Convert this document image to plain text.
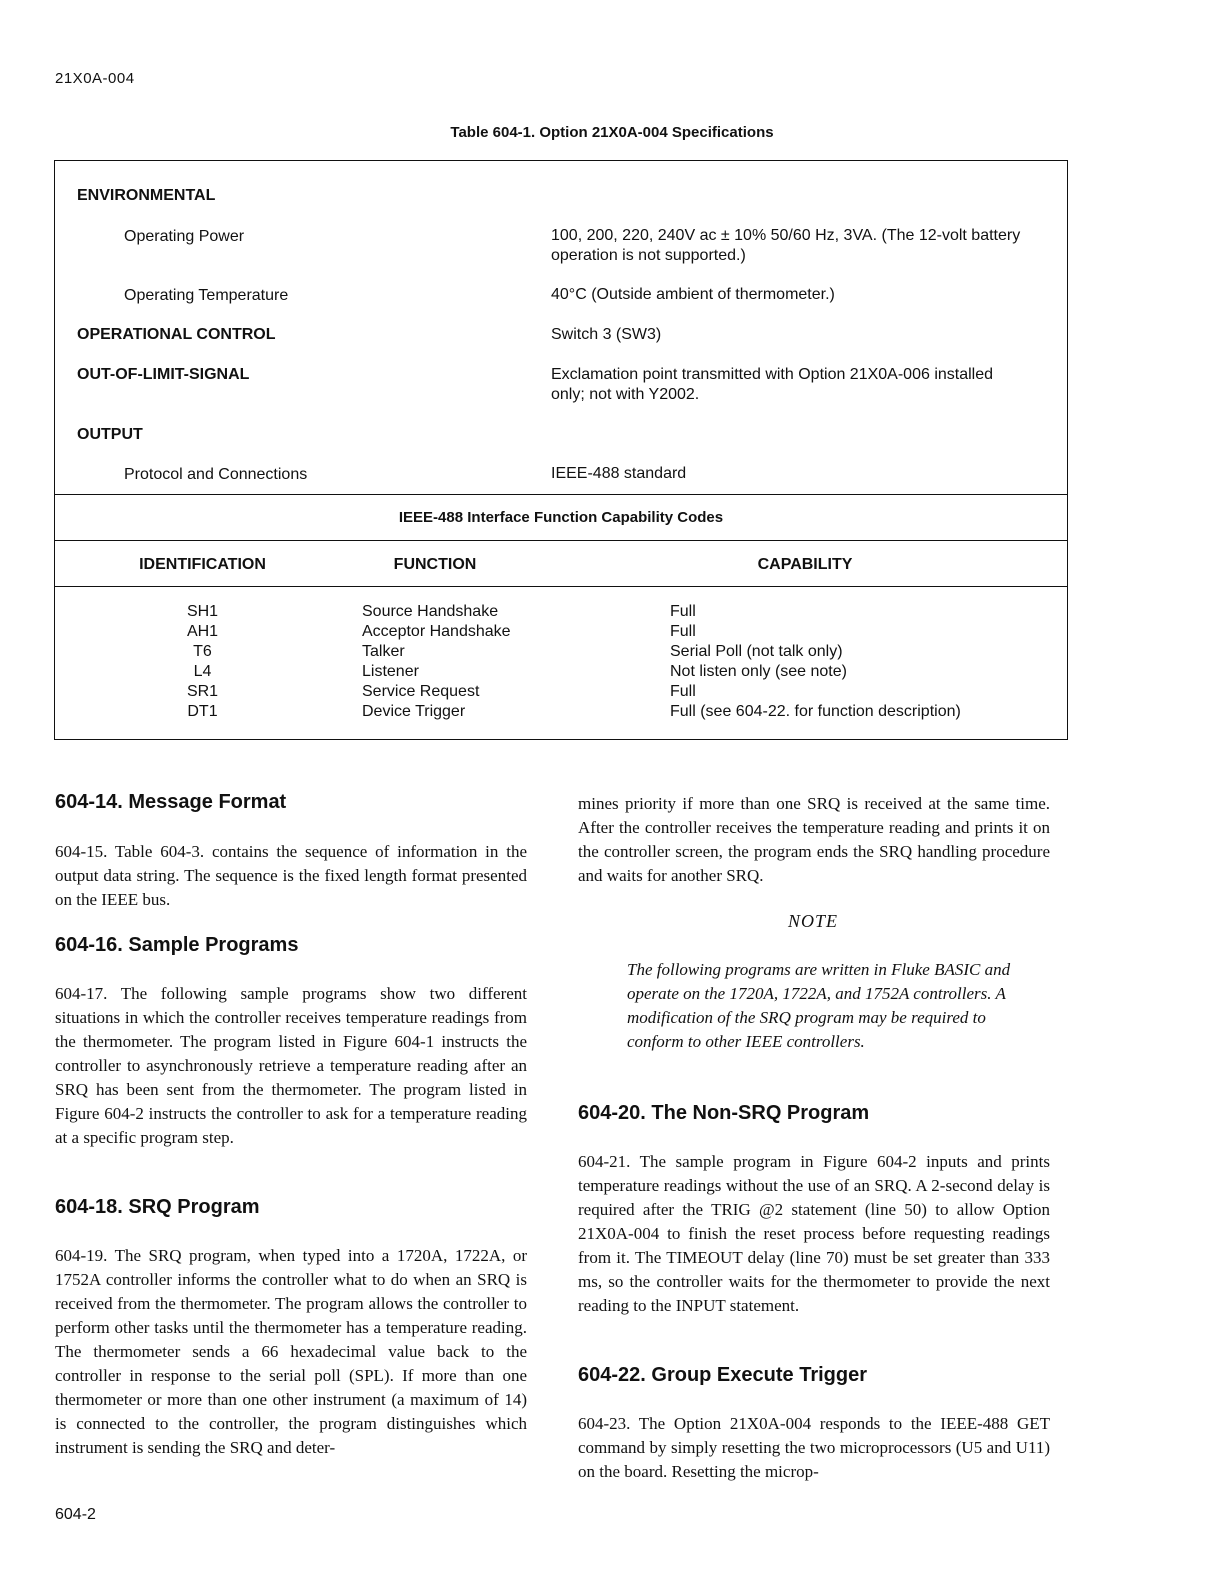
21X0A-004
Table 604-1. Option 21X0A-004 Specifications
ENVIRONMENTAL
Operating Power	100, 200, 220, 240V ac ± 10% 50/60 Hz, 3VA. (The 12-volt battery operation is not supported.)
Operating Temperature	40°C (Outside ambient of thermometer.)
OPERATIONAL CONTROL	Switch 3 (SW3)
OUT-OF-LIMIT-SIGNAL	Exclamation point transmitted with Option 21X0A-006 installed only; not with Y2002.
OUTPUT
Protocol and Connections	IEEE-488 standard
IEEE-488 Interface Function Capability Codes
IDENTIFICATION	FUNCTION	CAPABILITY
SH1	Source Handshake	Full
AH1	Acceptor Handshake	Full
T6	Talker	Serial Poll (not talk only)
L4	Listener	Not listen only (see note)
SR1	Service Request	Full
DT1	Device Trigger	Full (see 604-22. for function description)
604-14. Message Format
604-15. Table 604-3. contains the sequence of information in the output data string. The sequence is the fixed length format presented on the IEEE bus.
604-16. Sample Programs
604-17. The following sample programs show two different situations in which the controller receives temperature readings from the thermometer. The program listed in Figure 604-1 instructs the controller to asynchronously retrieve a temperature reading after an SRQ has been sent from the thermometer. The program listed in Figure 604-2 instructs the controller to ask for a temperature reading at a specific program step.
604-18. SRQ Program
604-19. The SRQ program, when typed into a 1720A, 1722A, or 1752A controller informs the controller what to do when an SRQ is received from the thermometer. The program allows the controller to perform other tasks until the thermometer has a temperature reading. The thermometer sends a 66 hexadecimal value back to the controller in response to the serial poll (SPL). If more than one thermometer or more than one other instrument (a maximum of 14) is connected to the controller, the program distinguishes which instrument is sending the SRQ and deter-
mines priority if more than one SRQ is received at the same time. After the controller receives the temperature reading and prints it on the controller screen, the program ends the SRQ handling procedure and waits for another SRQ.
NOTE
The following programs are written in Fluke BASIC and operate on the 1720A, 1722A, and 1752A controllers. A modification of the SRQ program may be required to conform to other IEEE controllers.
604-20. The Non-SRQ Program
604-21. The sample program in Figure 604-2 inputs and prints temperature readings without the use of an SRQ. A 2-second delay is required after the TRIG @2 statement (line 50) to allow Option 21X0A-004 to finish the reset process before requesting readings from it. The TIMEOUT delay (line 70) must be set greater than 333 ms, so the controller waits for the thermometer to provide the next reading to the INPUT statement.
604-22. Group Execute Trigger
604-23. The Option 21X0A-004 responds to the IEEE-488 GET command by simply resetting the two microprocessors (U5 and U11) on the board. Resetting the microp-
604-2
